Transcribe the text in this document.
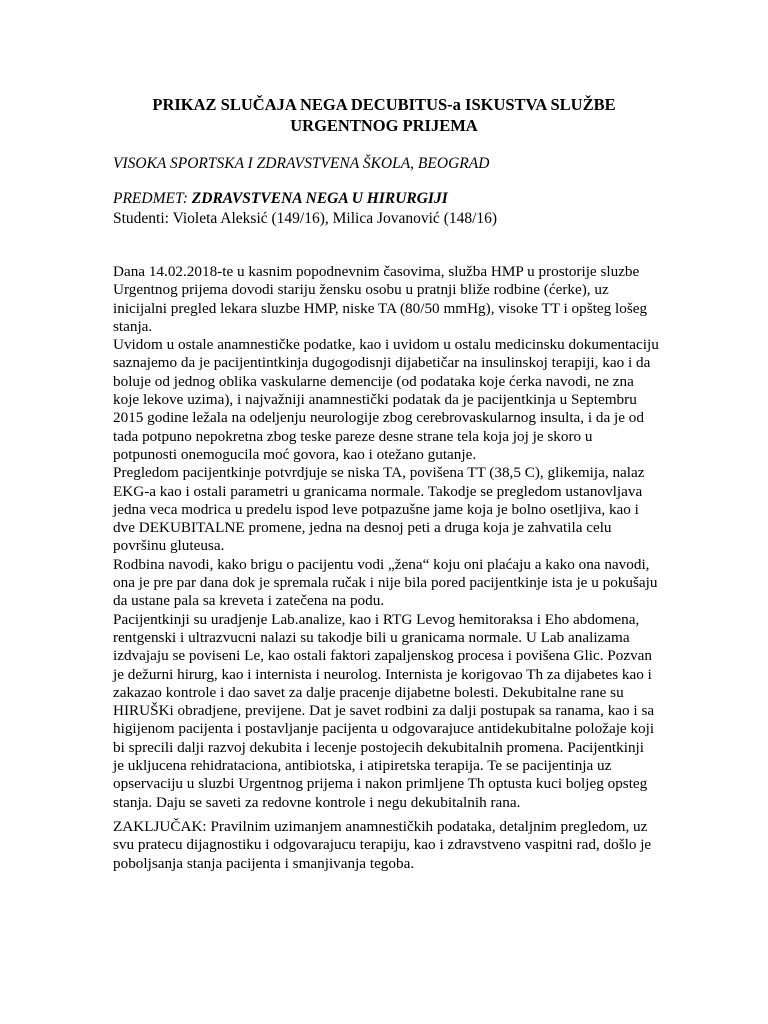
PRIKAZ SLUČAJA NEGA DECUBITUS-a ISKUSTVA SLUŽBE
URGENTNOG PRIJEMA
VISOKA SPORTSKA I ZDRAVSTVENA ŠKOLA, BEOGRAD
PREDMET: ZDRAVSTVENA NEGA U HIRURGIJI
Studenti: Violeta Aleksić (149/16), Milica Jovanović (148/16)
Dana 14.02.2018-te u kasnim popodnevnim časovima, služba HMP u prostorije sluzbe
Urgentnog prijema dovodi stariju žensku osobu u pratnji bliže rodbine (ćerke), uz
inicijalni pregled lekara sluzbe HMP, niske TA (80/50 mmHg), visoke TT i opšteg lošeg
stanja.
Uvidom u ostale anamnestičke podatke, kao i uvidom u ostalu medicinsku dokumentaciju
saznajemo da je pacijentintkinja dugogodisnji dijabetičar na insulinskoj terapiji, kao i da
boluje od jednog oblika vaskularne demencije (od podataka koje ćerka navodi, ne zna
koje lekove uzima), i najvažniji anamnestički podatak da je pacijentkinja u Septembru
2015 godine ležala na odeljenju neurologije zbog cerebrovaskularnog insulta, i da je od
tada potpuno nepokretna zbog teske pareze desne strane tela koja joj je skoro u
potpunosti onemogucila moć govora, kao i otežano gutanje.
Pregledom pacijentkinje potvrdjuje se niska TA, povišena TT (38,5 C), glikemija, nalaz
EKG-a kao i ostali parametri u granicama normale. Takodje se pregledom ustanovljava
jedna veca modrica u predelu ispod leve potpazušne jame koja je bolno osetljiva, kao i
dve DEKUBITALNE promene, jedna na desnoj peti a druga koja je zahvatila celu
površinu gluteusa.
Rodbina navodi, kako brigu o pacijentu vodi „žena“ koju oni plaćaju a kako ona navodi,
ona je pre par dana dok je spremala ručak i nije bila pored pacijentkinje ista je u pokušaju
da ustane pala sa kreveta i zatečena na podu.
Pacijentkinji su uradjenje Lab.analize, kao i RTG Levog hemitoraksa i Eho abdomena,
rentgenski i ultrazvucni nalazi su takodje bili u granicama normale. U Lab analizama
izdvajaju se poviseni Le, kao ostali faktori zapaljenskog procesa i povišena Glic. Pozvan
je dežurni hirurg, kao i internista i neurolog. Internista je korigovao Th za dijabetes kao i
zakazao kontrole i dao savet za dalje pracenje dijabetne bolesti. Dekubitalne rane su
HIRUŠKi obradjene, previjene. Dat je savet rodbini za dalji postupak sa ranama, kao i sa
higijenom pacijenta i postavljanje pacijenta u odgovarajuce antidekubitalne položaje koji
bi sprecili dalji razvoj dekubita i lecenje postojecih dekubitalnih promena. Pacijentkinji
je ukljucena rehidrataciona, antibiotska, i atipiretska terapija. Te se pacijentinja uz
opservaciju u sluzbi Urgentnog prijema i nakon primljene Th optusta kuci boljeg opsteg
stanja. Daju se saveti za redovne kontrole i negu dekubitalnih rana.
ZAKLJUČAK: Pravilnim uzimanjem anamnestičkih podataka, detaljnim pregledom, uz
svu pratecu dijagnostiku i odgovarajucu terapiju, kao i zdravstveno vaspitni rad, došlo je
poboljsanja stanja pacijenta i smanjivanja tegoba.
